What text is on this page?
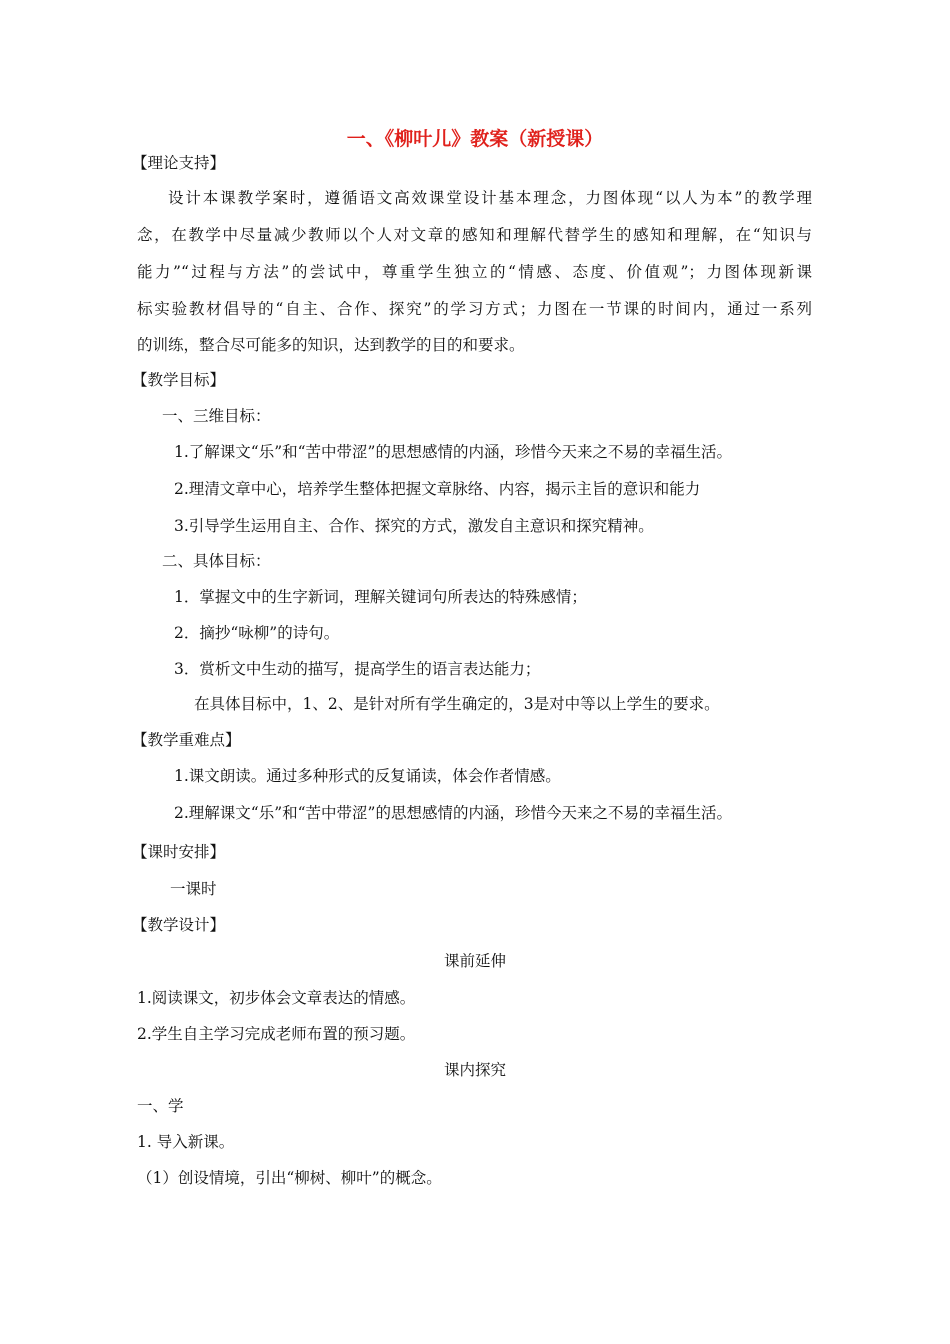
一、《柳叶儿》教案（新授课）
【理论支持】
设计本课教学案时，遵循语文高效课堂设计基本理念，力图体现“以人为本”的教学理
念，在教学中尽量减少教师以个人对文章的感知和理解代替学生的感知和理解，在“知识与
能力”“过程与方法”的尝试中，尊重学生独立的“情感、态度、价值观”；力图体现新课
标实验教材倡导的“自主、合作、探究”的学习方式；力图在一节课的时间内，通过一系列
的训练，整合尽可能多的知识，达到教学的目的和要求。
【教学目标】
一、三维目标：
1.了解课文“乐”和“苦中带涩”的思想感情的内涵，珍惜今天来之不易的幸福生活。
2.理清文章中心，培养学生整体把握文章脉络、内容，揭示主旨的意识和能力
3.引导学生运用自主、合作、探究的方式，激发自主意识和探究精神。
二、具体目标：
1．掌握文中的生字新词，理解关键词句所表达的特殊感情；
2．摘抄“咏柳”的诗句。
3．赏析文中生动的描写，提高学生的语言表达能力；
在具体目标中，1、2、是针对所有学生确定的，3是对中等以上学生的要求。
【教学重难点】
1.课文朗读。通过多种形式的反复诵读，体会作者情感。
2.理解课文“乐”和“苦中带涩”的思想感情的内涵，珍惜今天来之不易的幸福生活。
【课时安排】
一课时
【教学设计】
课前延伸
1.阅读课文，初步体会文章表达的情感。
2.学生自主学习完成老师布置的预习题。
课内探究
一、学
1. 导入新课。
（1）创设情境，引出“柳树、柳叶”的概念。
